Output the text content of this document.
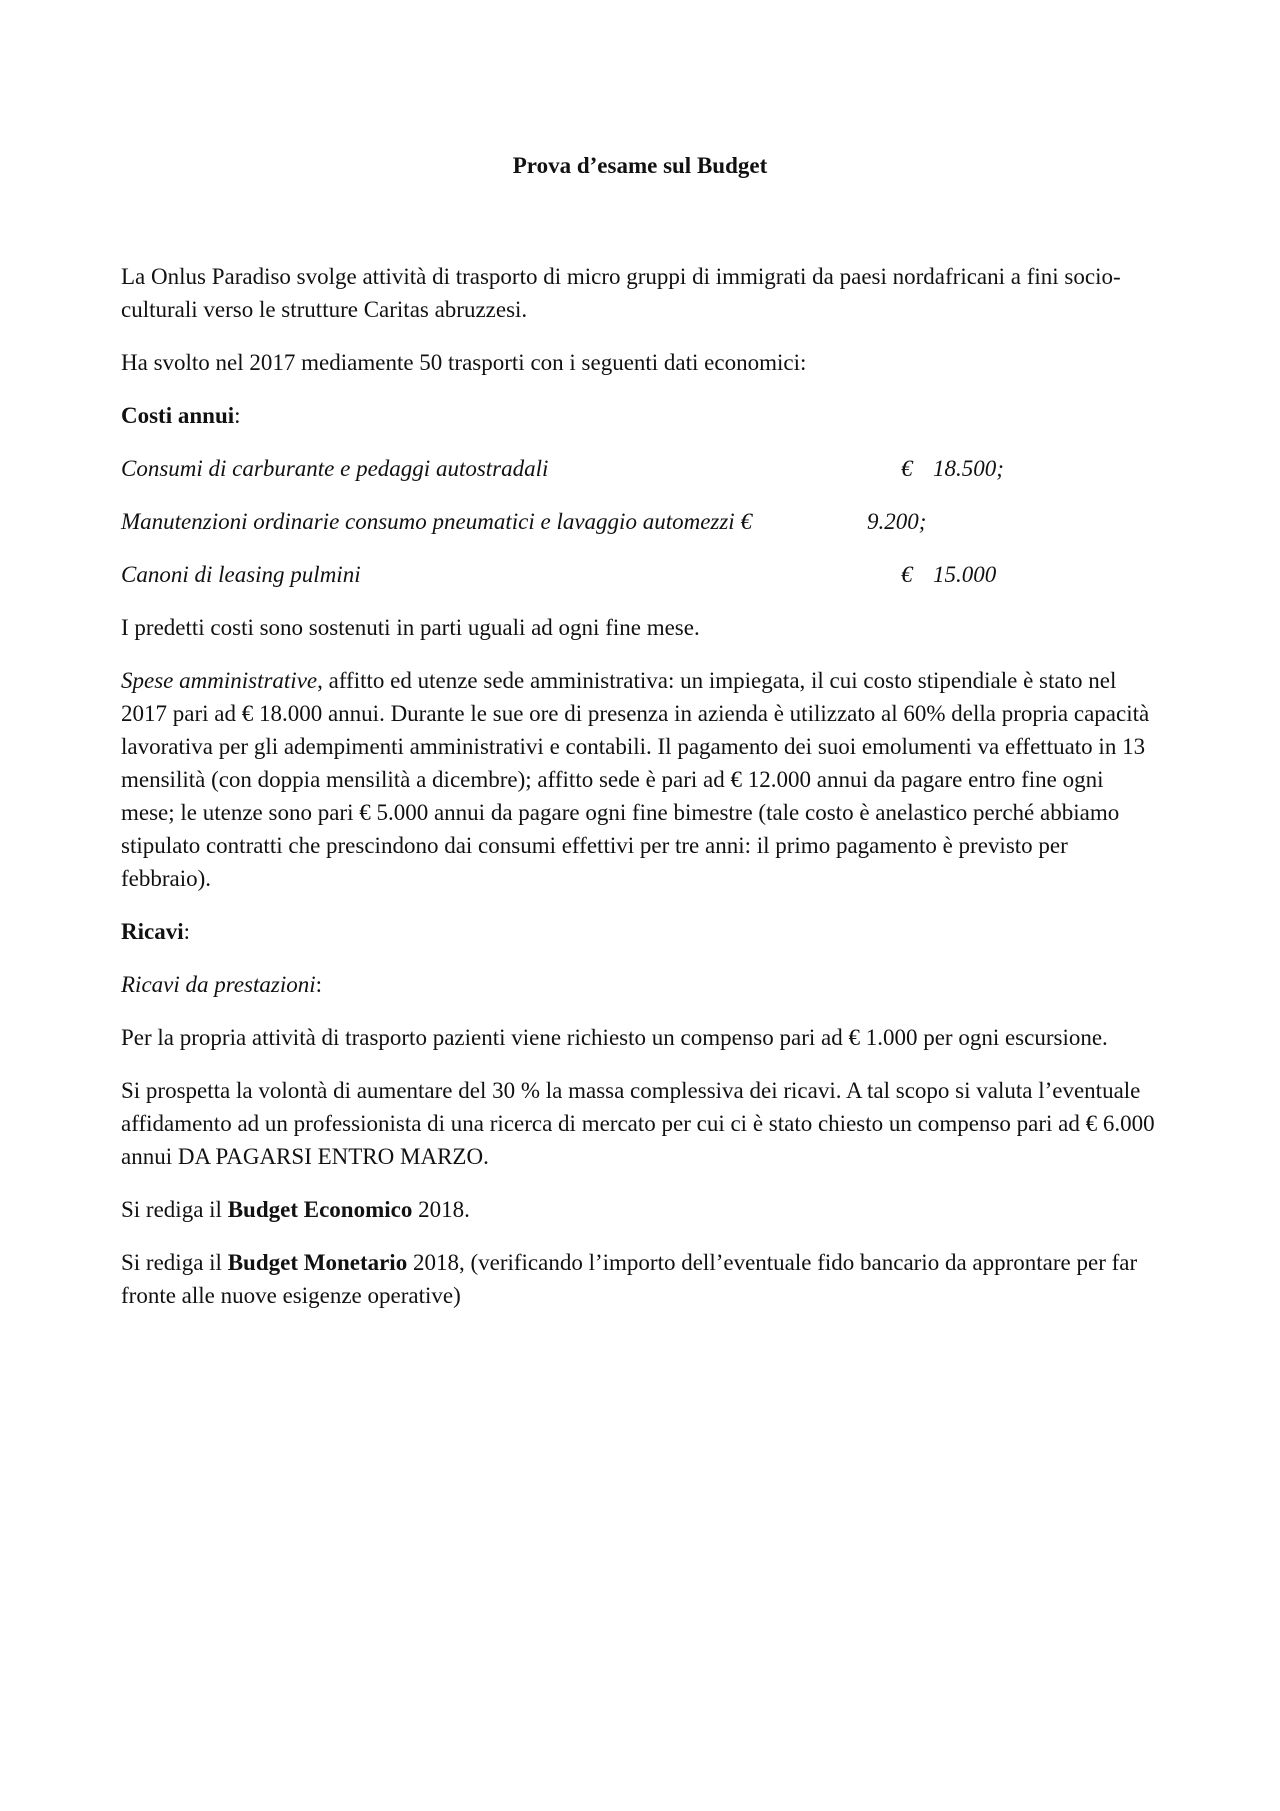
Prova d’esame sul Budget

La Onlus Paradiso svolge attività di trasporto di micro gruppi di immigrati da paesi nordafricani a fini socio-culturali verso le strutture Caritas abruzzesi.

Ha svolto nel 2017 mediamente 50 trasporti con i seguenti dati economici:

Costi annui:

Consumi di carburante e pedaggi autostradali	€ 18.500;
Manutenzioni ordinarie consumo pneumatici e lavaggio automezzi €	9.200;
Canoni di leasing pulmini	€ 15.000

I predetti costi sono sostenuti in parti uguali ad ogni fine mese.

Spese amministrative, affitto ed utenze sede amministrativa: un impiegata, il cui costo stipendiale è stato nel 2017 pari ad € 18.000 annui. Durante le sue ore di presenza in azienda è utilizzato al 60% della propria capacità lavorativa per gli adempimenti amministrativi e contabili. Il pagamento dei suoi emolumenti va effettuato in 13 mensilità (con doppia mensilità a dicembre); affitto sede è pari ad € 12.000 annui da pagare entro fine ogni mese; le utenze sono pari € 5.000 annui da pagare ogni fine bimestre (tale costo è anelastico perché abbiamo stipulato contratti che prescindono dai consumi effettivi per tre anni: il primo pagamento è previsto per febbraio).

Ricavi:

Ricavi da prestazioni:

Per la propria attività di trasporto pazienti viene richiesto un compenso pari ad € 1.000 per ogni escursione.

Si prospetta la volontà di aumentare del 30 % la massa complessiva dei ricavi. A tal scopo si valuta l’eventuale affidamento ad un professionista di una ricerca di mercato per cui ci è stato chiesto un compenso pari ad € 6.000 annui DA PAGARSI ENTRO MARZO.

Si rediga il Budget Economico 2018.

Si rediga il Budget Monetario 2018, (verificando l’importo dell’eventuale fido bancario da approntare per far fronte alle nuove esigenze operative)
